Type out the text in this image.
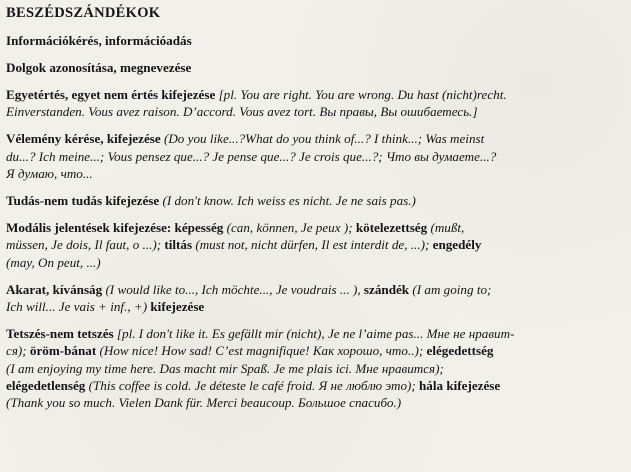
BESZÉDSZÁNDÉKOK
Információkérés, információadás
Dolgok azonosítása, megnevezése
Egyetértés, egyet nem értés kifejezése [pl. You are right. You are wrong. Du hast (nicht)recht.
Einverstanden. Vous avez raison. D’accord. Vous avez tort. Вы правы, Вы ошибаетесь.]
Vélemény kérése, kifejezése (Do you like...?What do you think of...? I think...; Was meinst
du...? Ich meine...; Vous pensez que...? Je pense que...? Je crois que...?; Что вы думаете...?
Я думаю, что...
Tudás-nem tudás kifejezése (I don't know. Ich weiss es nicht. Je ne sais pas.)
Modális jelentések kifejezése: képesség (can, können, Je peux ); kötelezettség (mußt,
müssen, Je dois, Il faut, o ...); tiltás (must not, nicht dürfen, Il est interdit de, ...); engedély
(may, On peut, ...)
Akarat, kívánság (I would like to..., Ich möchte..., Je voudrais ... ), szándék (I am going to;
Ich will... Je vais + inf., +) kifejezése
Tetszés-nem tetszés [pl. I don't like it. Es gefällt mir (nicht), Je ne l’aime pas... Мне не нравит-
ся); öröm-bánat (How nice! How sad! C’est magnifique! Как хорошо, что..); elégedettség
(I am enjoying my time here. Das macht mir Spaß. Je me plais ici. Мне нравится);
elégedetlenség (This coffee is cold. Je déteste le café froid. Я не люблю это); hála kifejezése
(Thank you so much. Vielen Dank für. Merci beaucoup. Большое спасибо.)
